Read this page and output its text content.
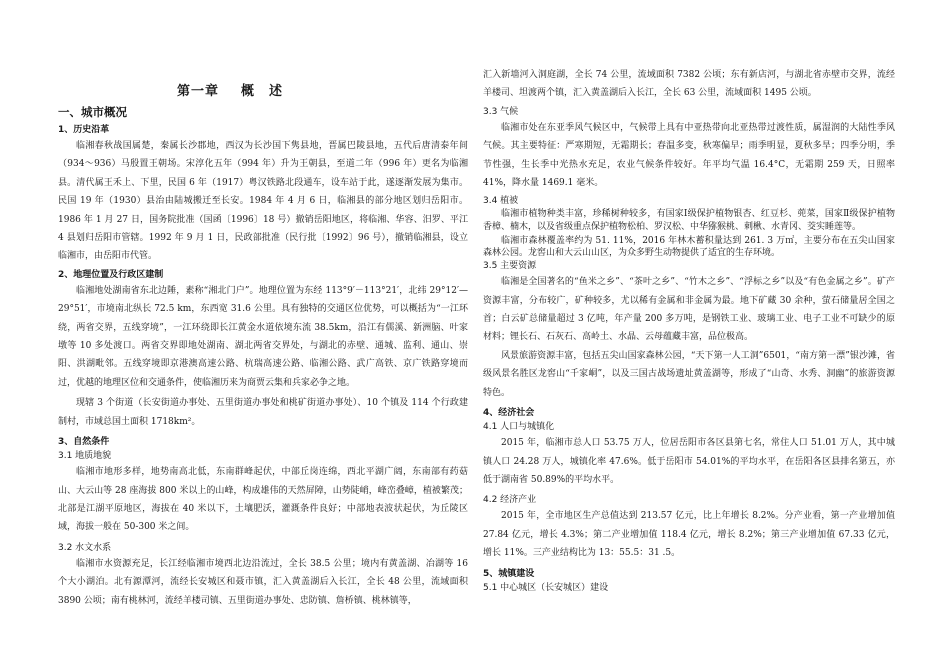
第一章 概　述
一、城市概况
1、历史沿革

临湘春秋战国属楚，秦属长沙郡地，西汉为长沙国下隽县地，晋属巴陵县地，五代后唐清泰年间（934～936）马殷置王朝场。宋淳化五年（994 年）升为王朝县，至道二年（996 年）更名为临湘县。清代属王禾上、下里，民国 6 年（1917）粤汉铁路北段通车，设车站于此，遂逐渐发展为集市。民国 19 年（1930）县治由陆城搬迁至长安。1984 年 4 月 6 日，临湘县的部分地区划归岳阳市。1986 年 1 月 27 日，国务院批准（国函〔1996〕18 号）撤销岳阳地区，将临湘、华容、汨罗、平江 4 县划归岳阳市管辖。1992 年 9 月 1 日，民政部批准（民行批〔1992〕96 号），撤销临湘县，设立临湘市，由岳阳市代管。

2、地理位置及行政区建制

临湘地处湖南省东北边陲，素称“湘北门户”。地理位置为东经 113°9′－113°21′，北纬 29°12′— 29°51′，市境南北纵长 72.5 km，东西宽 31.6 公里。具有独特的交通区位优势，可以概括为“一江环绕，两省交界，五线穿境”，一江环绕即长江黄金水道依境东流 38.5km，沿江有儒溪、新洲脑、叶家墩等 10 多处渡口。两省交界即地处湖南、湖北两省交界处，与湖北的赤壁、通城、监利、通山、崇阳、洪湖毗邻。五线穿境即京港澳高速公路、杭瑞高速公路、临湘公路、武广高铁、京广铁路穿境而过，优越的地理区位和交通条件，使临湘历来为商贾云集和兵家必争之地。

现辖 3 个街道（长安街道办事处、五里街道办事处和桃矿街道办事处）、10 个镇及 114 个行政建制村，市域总国土面积 1718km²。

3、自然条件
3.1 地质地貌

临湘市地形多样，地势南高北低，东南群峰起伏，中部丘岗连绵，西北平湖广阔，东南部有药菇山、大云山等 28 座海拔 800 米以上的山峰，构成雄伟的天然屏障，山势陡峭，峰峦叠嶂，植被繁茂；北部是江湖平原地区，海拔在 40 米以下，土壤肥沃，灌溉条件良好；中部地表波状起伏，为丘陵区域，海拔一般在 50-300 米之间。

3.2 水文水系

临湘市水资源充足，长江经临湘市境西北边沿流过，全长 38.5 公里；境内有黄盖湖、冶湖等 16 个大小湖泊。北有源潭河，流经长安城区和聂市镇，汇入黄盖湖后入长江，全长 48 公里，流域面积 3890 公顷；南有桃林河，流经羊楼司镇、五里街道办事处、忠防镇、詹桥镇、桃林镇等，

汇入新墙河入洞庭湖，全长 74 公里，流域面积 7382 公顷；东有新店河，与湖北省赤壁市交界，流经羊楼司、坦渡两个镇，汇入黄盖湖后入长江，全长 63 公里，流域面积 1495 公顷。

3.3 气候

临湘市处在东亚季风气候区中，气候带上具有中亚热带向北亚热带过渡性质，属湿润的大陆性季风气候。其主要特征：严寒期短，无霜期长；春温多变，秋寒偏早；雨季明显，夏秋多旱；四季分明，季节性强，生长季中光热水充足，农业气候条件较好。年平均气温 16.4°C，无霜期 259 天，日照率 41%，降水量 1469.1 毫米。

3.4 植被

临湘市植物种类丰富，珍稀树种较多，有国家Ⅰ级保护植物银杏、红豆杉、蔸菜，国家Ⅱ级保护植物香樟、楠木，以及省级重点保护植物松柏、罗汉松、中华猕猴桃、刺楸、水青冈、茭实睡莲等。

临湘市森林覆盖率约为 51. 11%，2016 年林木蓄积量达到 261. 3 万㎡，主要分布在五尖山国家森林公园。龙窖山和大云山山区，为众多野生动物提供了适宜的生存环境。

3.5 主要资源

临湘是全国著名的“鱼米之乡”、“茶叶之乡”、“竹木之乡”、“浮标之乡”以及“有色金属之乡”。矿产资源丰富，分布较广，矿种较多，尤以稀有金属和非金属为最。地下矿藏 30 余种，萤石储量居全国之首；白云矿总储量超过 3 亿吨，年产量 200 多万吨，是钢铁工业、玻璃工业、电子工业不可缺少的原材料；锂长石、石灰石、高岭土、水晶、云母蕴藏丰富，品位极高。

风景旅游资源丰富，包括五尖山国家森林公园，“天下第一人工洞”6501，“南方第一漂”银沙滩，省级风景名胜区龙窖山“千家峒”，以及三国古战场遗址黄盖湖等，形成了“山奇、水秀、洞幽”的旅游资源特色。

4、经济社会
4.1 人口与城镇化

2015 年，临湘市总人口 53.75 万人，位居岳阳市各区县第七名，常住人口 51.01 万人，其中城镇人口 24.28 万人，城镇化率 47.6%。低于岳阳市 54.01%的平均水平，在岳阳各区县排名第五，亦低于湖南省 50.89%的平均水平。

4.2 经济产业

2015 年，全市地区生产总值达到 213.57 亿元，比上年增长 8.2%。分产业看，第一产业增加值 27.84 亿元，增长 4.3%；第二产业增加值 118.4 亿元，增长 8.2%；第三产业增加值 67.33 亿元，增长 11%。三产业结构比为 13：55.5：31 .5。

5、城镇建设
5.1 中心城区（长安城区）建设
